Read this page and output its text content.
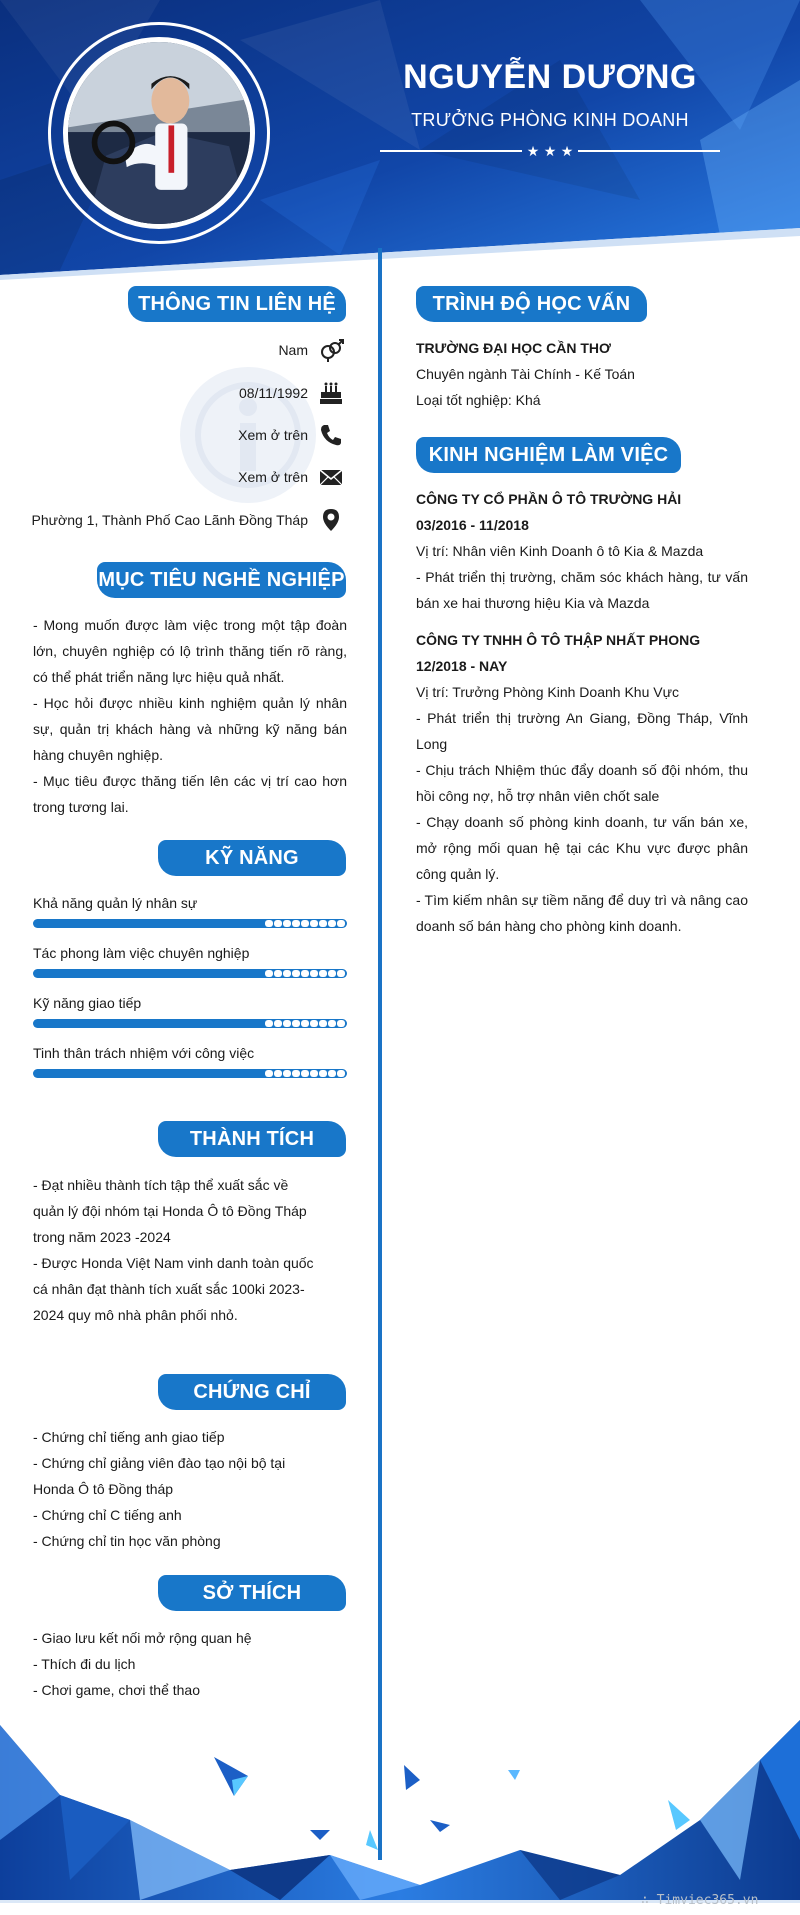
NGUYỄN DƯƠNG
TRƯỞNG PHÒNG KINH DOANH
★ ★ ★
THÔNG TIN LIÊN HỆ
Nam
08/11/1992
Xem ở trên
Xem ở trên
Phường 1, Thành Phố Cao Lãnh Đồng Tháp
MỤC TIÊU NGHỀ NGHIỆP
- Mong muốn được làm việc trong một tập đoàn lớn, chuyên nghiệp có lộ trình thăng tiến rõ ràng, có thể phát triển năng lực hiệu quả nhất.
- Học hỏi được nhiều kinh nghiệm quản lý nhân sự, quản trị khách hàng và những kỹ năng bán hàng chuyên nghiệp.
- Mục tiêu được thăng tiến lên các vị trí cao hơn trong tương lai.
KỸ NĂNG
Khả năng quản lý nhân sự
Tác phong làm việc chuyên nghiệp
Kỹ năng giao tiếp
Tinh thân trách nhiệm với công việc
THÀNH TÍCH
- Đạt nhiều thành tích tập thể xuất sắc về
quản lý đội nhóm tại Honda Ô tô Đồng Tháp
trong năm 2023 -2024
- Được Honda Việt Nam vinh danh toàn quốc
cá nhân đạt thành tích xuất sắc 100ki 2023-
2024 quy mô nhà phân phối nhỏ.
CHỨNG CHỈ
- Chứng chỉ tiếng anh giao tiếp
- Chứng chỉ giảng viên đào tạo nội bộ tại
Honda Ô tô Đồng tháp
- Chứng chỉ C tiếng anh
- Chứng chỉ tin học văn phòng
SỞ THÍCH
- Giao lưu kết nối mở rộng quan hệ
- Thích đi du lịch
- Chơi game, chơi thể thao
TRÌNH ĐỘ HỌC VẤN
TRƯỜNG ĐẠI HỌC CẦN THƠ
Chuyên ngành Tài Chính - Kế Toán
Loại tốt nghiệp: Khá
KINH NGHIỆM LÀM VIỆC
CÔNG TY CỔ PHẦN Ô TÔ TRƯỜNG HẢI
03/2016 - 11/2018
Vị trí: Nhân viên Kinh Doanh ô tô Kia & Mazda
- Phát triển thị trường, chăm sóc khách hàng, tư vấn bán xe hai thương hiệu Kia và Mazda
CÔNG TY TNHH Ô TÔ THẬP NHẤT PHONG
12/2018 - NAY
Vị trí: Trưởng Phòng Kinh Doanh Khu Vực
- Phát triển thị trường An Giang, Đồng Tháp, Vĩnh Long
- Chịu trách Nhiệm thúc đẩy doanh số đội nhóm, thu hồi công nợ, hỗ trợ nhân viên chốt sale
- Chạy doanh số phòng kinh doanh, tư vấn bán xe, mở rộng mối quan hệ tại các Khu vực được phân công quản lý.
- Tìm kiếm nhân sự tiềm năng để duy trì và nâng cao doanh số bán hàng cho phòng kinh doanh.
∴ Timviec365.vn
